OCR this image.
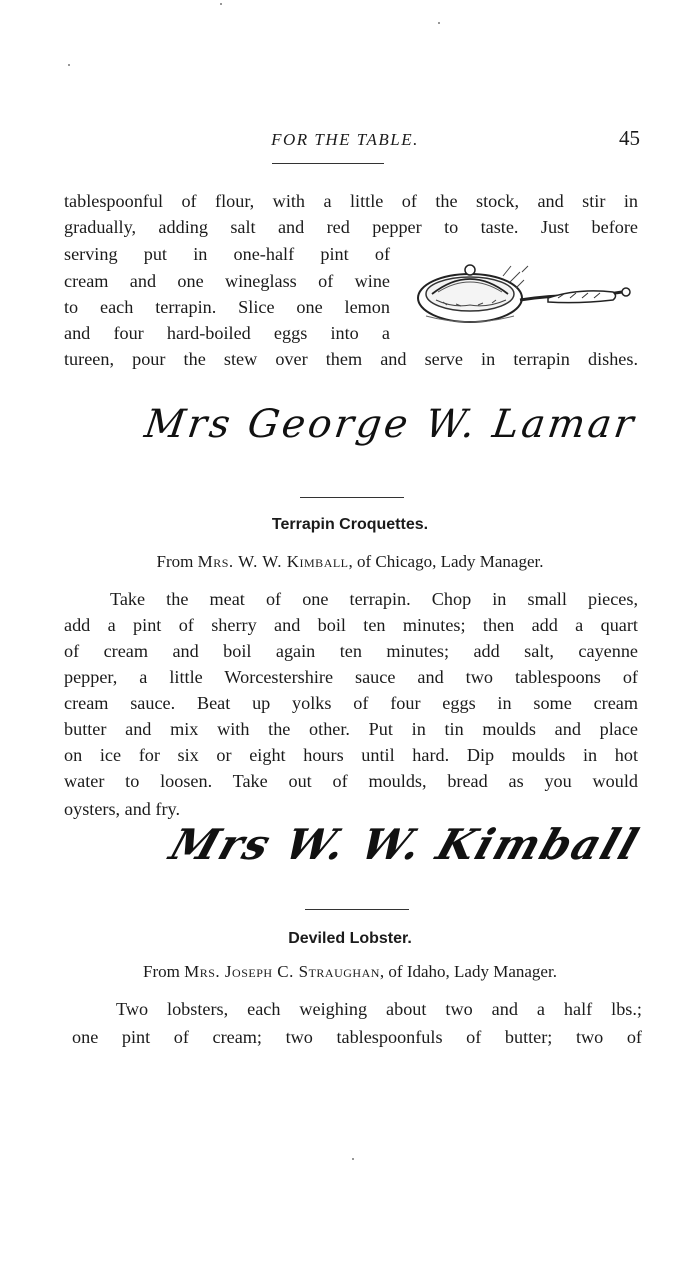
FOR THE TABLE.	45
tablespoonful of flour, with a little of the stock, and stir in
gradually, adding salt and red pepper to taste. Just before
serving put in one-half pint of
cream and one wineglass of wine
to each terrapin. Slice one lemon
and four hard-boiled eggs into a
tureen, pour the stew over them and serve in terrapin dishes.
Mrs George W. Lamar
Terrapin Croquettes.
From Mrs. W. W. Kimball, of Chicago, Lady Manager.
Take the meat of one terrapin. Chop in small pieces,
add a pint of sherry and boil ten minutes; then add a quart
of cream and boil again ten minutes; add salt, cayenne
pepper, a little Worcestershire sauce and two tablespoons of
cream sauce. Beat up yolks of four eggs in some cream
butter and mix with the other. Put in tin moulds and place
on ice for six or eight hours until hard. Dip moulds in hot
water to loosen. Take out of moulds, bread as you would
oysters, and fry.
Mrs W. W. Kimball
Deviled Lobster.
From Mrs. Joseph C. Straughan, of Idaho, Lady Manager.
Two lobsters, each weighing about two and a half lbs.;
one pint of cream; two tablespoonfuls of butter; two of
